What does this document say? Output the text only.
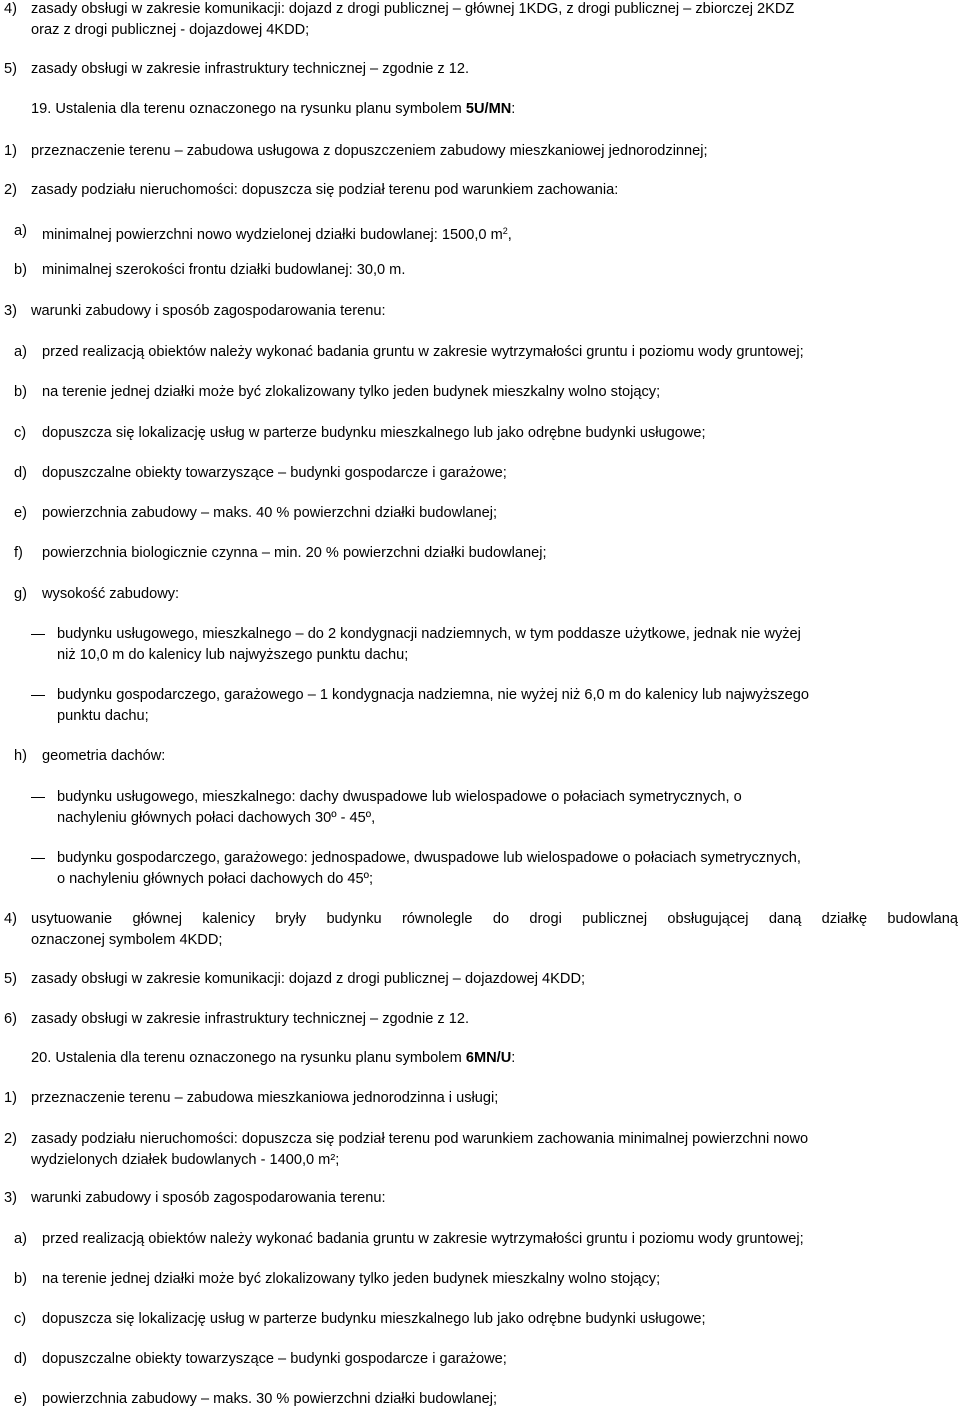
4) zasady obsługi w zakresie komunikacji: dojazd z drogi publicznej – głównej 1KDG, z drogi publicznej – zbiorczej 2KDZ
oraz z drogi publicznej - dojazdowej 4KDD;
5) zasady obsługi w zakresie infrastruktury technicznej – zgodnie z 12.
19. Ustalenia dla terenu oznaczonego na rysunku planu symbolem 5U/MN:
1) przeznaczenie terenu – zabudowa usługowa z dopuszczeniem zabudowy mieszkaniowej jednorodzinnej;
2) zasady podziału nieruchomości: dopuszcza się podział terenu pod warunkiem zachowania:
a) minimalnej powierzchni nowo wydzielonej działki budowlanej: 1500,0 $m^2$,
b) minimalnej szerokości frontu działki budowlanej: 30,0 m.
3) warunki zabudowy i sposób zagospodarowania terenu:
a) przed realizacją obiektów należy wykonać badania gruntu w zakresie wytrzymałości gruntu i poziomu wody gruntowej;
b) na terenie jednej działki może być zlokalizowany tylko jeden budynek mieszkalny wolno stojący;
c) dopuszcza się lokalizację usług w parterze budynku mieszkalnego lub jako odrębne budynki usługowe;
d) dopuszczalne obiekty towarzyszące – budynki gospodarcze i garażowe;
e) powierzchnia zabudowy – maks. 40 % powierzchni działki budowlanej;
f) powierzchnia biologicznie czynna – min. 20 % powierzchni działki budowlanej;
g) wysokość zabudowy:
budynku usługowego, mieszkalnego – do 2 kondygnacji nadziemnych, w tym poddasze użytkowe, jednak nie wyżej
niż 10,0 m do kalenicy lub najwyższego punktu dachu;
budynku gospodarczego, garażowego – 1 kondygnacja nadziemna, nie wyżej niż 6,0 m do kalenicy lub najwyższego
punktu dachu;
h) geometria dachów:
budynku usługowego, mieszkalnego: dachy dwuspadowe lub wielospadowe o połaciach symetrycznych, o
nachyleniu głównych połaci dachowych 30º - 45º,
budynku gospodarczego, garażowego: jednospadowe, dwuspadowe lub wielospadowe o połaciach symetrycznych,
o nachyleniu głównych połaci dachowych do 45º;
4) usytuowanie głównej kalenicy bryły budynku równolegle do drogi publicznej obsługującej daną działkę budowlaną
oznaczonej symbolem 4KDD;
5) zasady obsługi w zakresie komunikacji: dojazd z drogi publicznej – dojazdowej 4KDD;
6) zasady obsługi w zakresie infrastruktury technicznej – zgodnie z 12.
20. Ustalenia dla terenu oznaczonego na rysunku planu symbolem 6MN/U:
1) przeznaczenie terenu – zabudowa mieszkaniowa jednorodzinna i usługi;
2) zasady podziału nieruchomości: dopuszcza się podział terenu pod warunkiem zachowania minimalnej powierzchni nowo
wydzielonych działek budowlanych - 1400,0 m²;
3) warunki zabudowy i sposób zagospodarowania terenu:
a) przed realizacją obiektów należy wykonać badania gruntu w zakresie wytrzymałości gruntu i poziomu wody gruntowej;
b) na terenie jednej działki może być zlokalizowany tylko jeden budynek mieszkalny wolno stojący;
c) dopuszcza się lokalizację usług w parterze budynku mieszkalnego lub jako odrębne budynki usługowe;
d) dopuszczalne obiekty towarzyszące – budynki gospodarcze i garażowe;
e) powierzchnia zabudowy – maks. 30 % powierzchni działki budowlanej;
